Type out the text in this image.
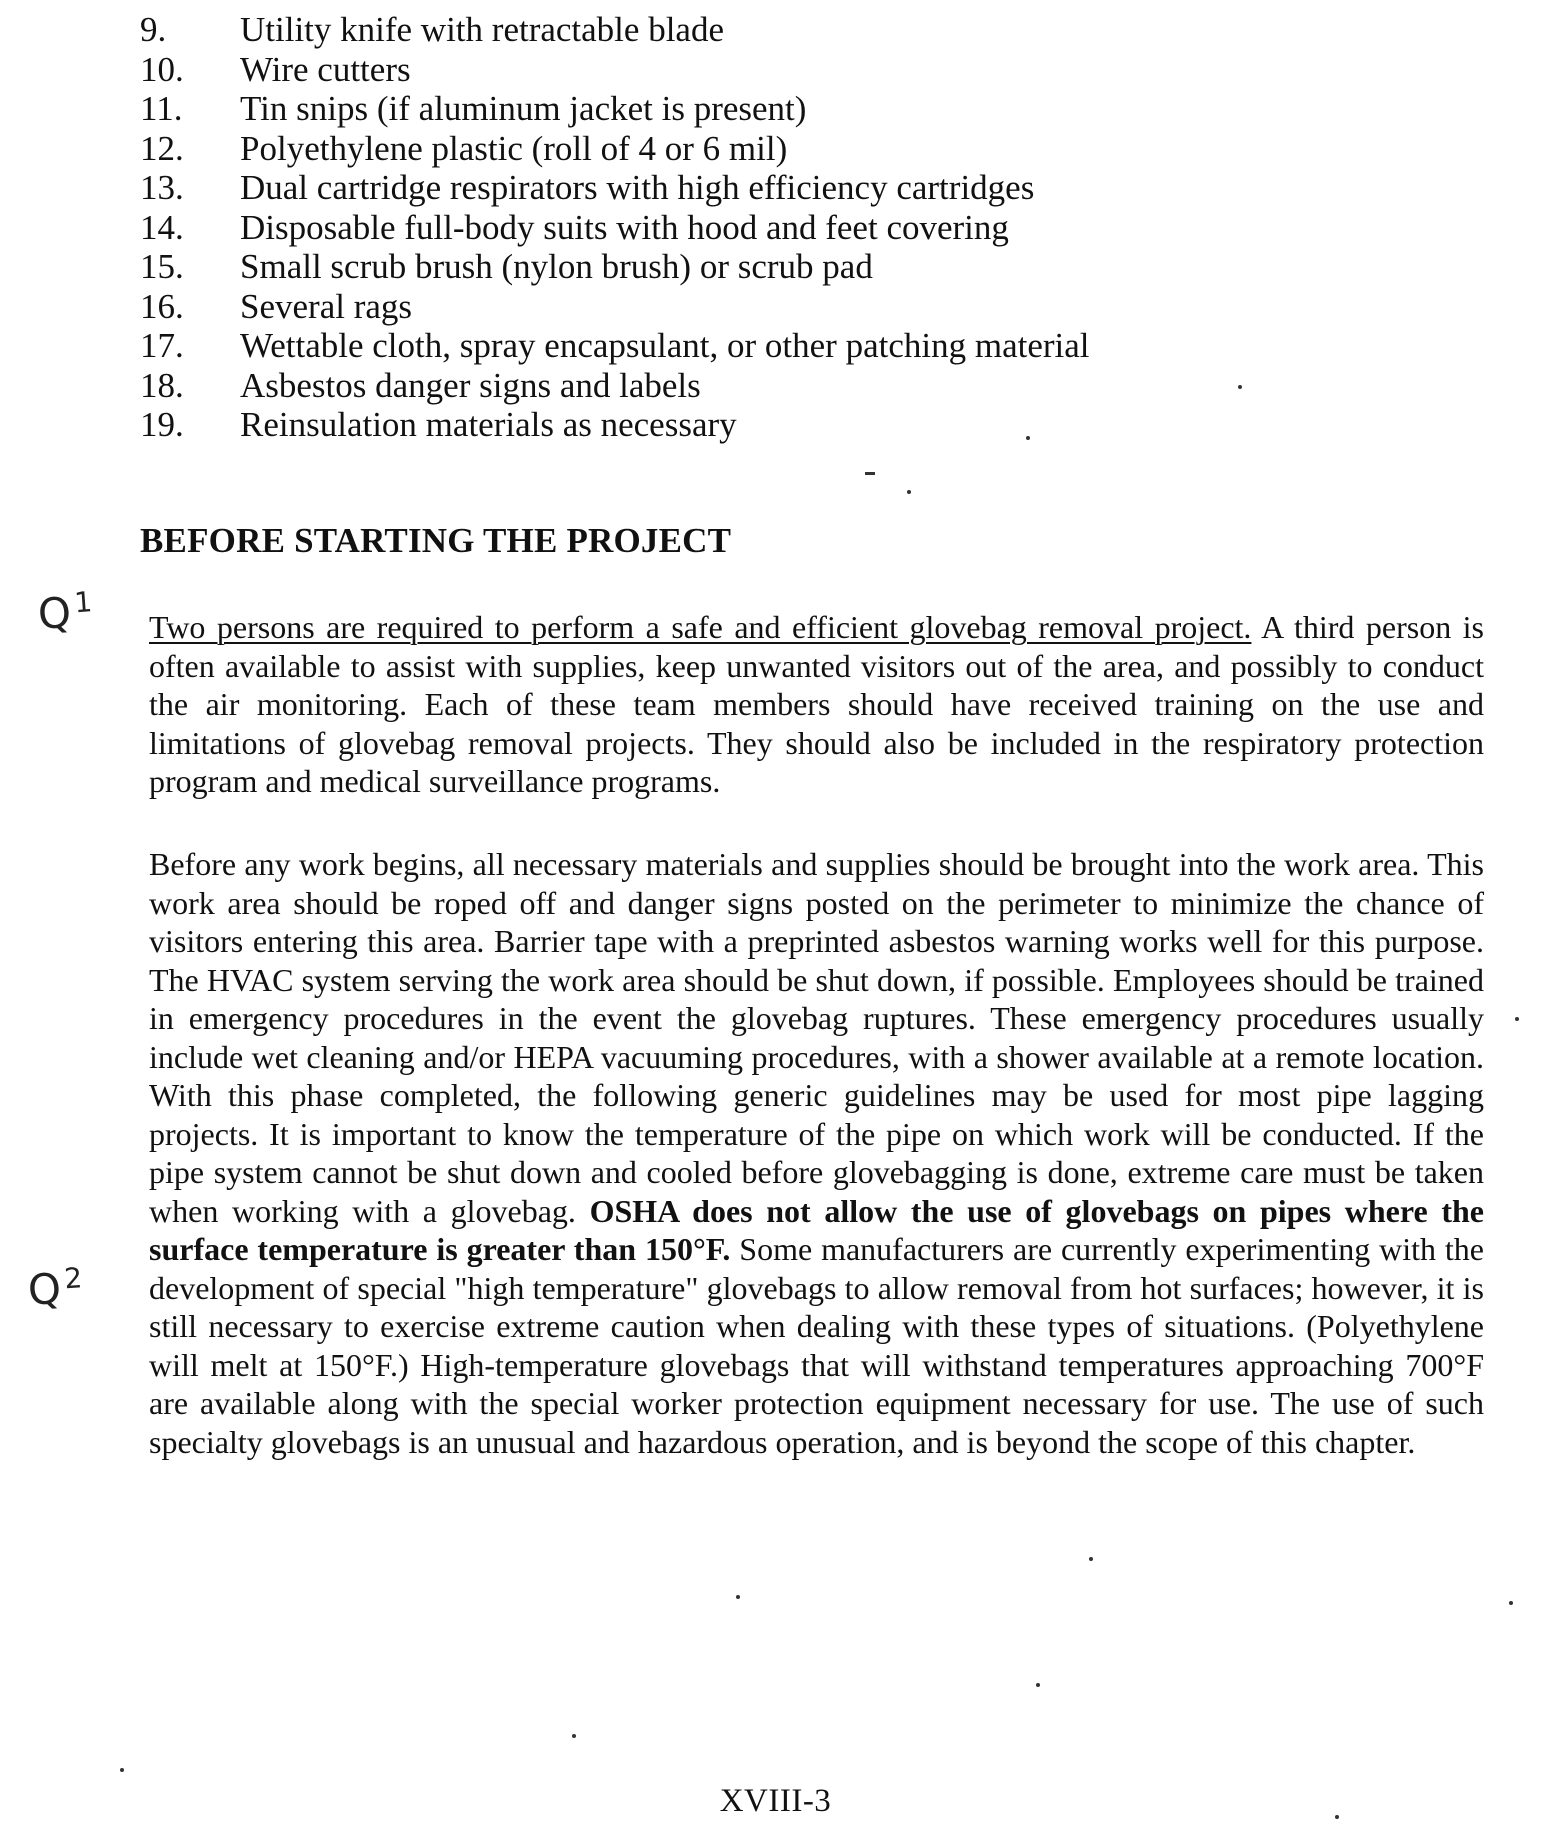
9.	Utility knife with retractable blade
10.	Wire cutters
11.	Tin snips (if aluminum jacket is present)
12.	Polyethylene plastic (roll of 4 or 6 mil)
13.	Dual cartridge respirators with high efficiency cartridges
14.	Disposable full-body suits with hood and feet covering
15.	Small scrub brush (nylon brush) or scrub pad
16.	Several rags
17.	Wettable cloth, spray encapsulant, or other patching material
18.	Asbestos danger signs and labels
19.	Reinsulation materials as necessary
BEFORE STARTING THE PROJECT
$Q^1$

Two persons are required to perform a safe and efficient glovebag removal project. A third person is often available to assist with supplies, keep unwanted visitors out of the area, and possibly to conduct the air monitoring. Each of these team members should have received training on the use and limitations of glovebag removal projects. They should also be included in the respiratory protection program and medical surveillance programs.

Before any work begins, all necessary materials and supplies should be brought into the work area. This work area should be roped off and danger signs posted on the perimeter to minimize the chance of visitors entering this area. Barrier tape with a preprinted asbestos warning works well for this purpose. The HVAC system serving the work area should be shut down, if possible. Employees should be trained in emergency procedures in the event the glovebag ruptures. These emergency procedures usually include wet cleaning and/or HEPA vacuuming procedures, with a shower available at a remote location. With this phase completed, the following generic guidelines may be used for most pipe lagging projects. It is important to know the temperature of the pipe on which work will be conducted. If the pipe system cannot be shut down and cooled before glovebagging is done, extreme care must be taken when working with a glovebag. OSHA does not allow the use of glovebags on pipes where the surface temperature is greater than 150°F. Some manufacturers are currently experimenting with the development of special "high temperature" glovebags to allow removal from hot surfaces; however, it is still necessary to exercise extreme caution when dealing with these types of situations. (Polyethylene will melt at 150°F.) High-temperature glovebags that will withstand temperatures approaching 700°F are available along with the special worker protection equipment necessary for use. The use of such specialty glovebags is an unusual and hazardous operation, and is beyond the scope of this chapter.

$Q^2$

XVIII-3
